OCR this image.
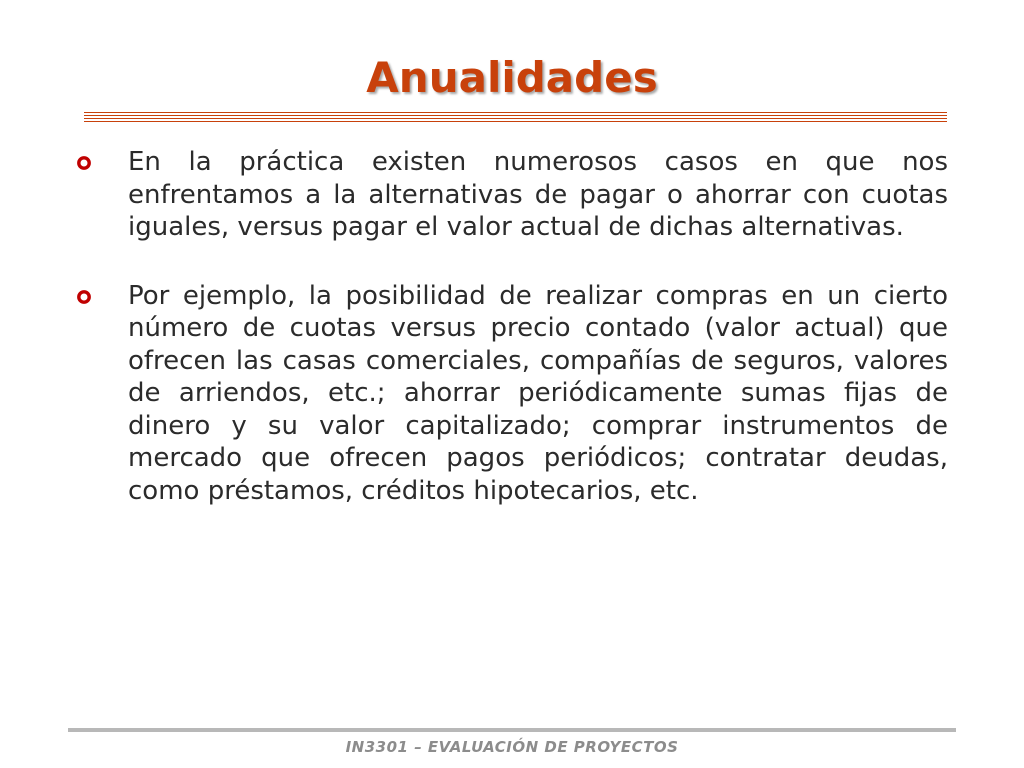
Anualidades

En la práctica existen numerosos casos en que nos enfrentamos a la alternativas de pagar o ahorrar con cuotas iguales, versus pagar el valor actual de dichas alternativas.

Por ejemplo, la posibilidad de realizar compras en un cierto número de cuotas versus precio contado (valor actual) que ofrecen las casas comerciales, compañías de seguros, valores de arriendos, etc.; ahorrar periódicamente sumas fijas de dinero y su valor capitalizado; comprar instrumentos de mercado que ofrecen pagos periódicos; contratar deudas, como préstamos, créditos hipotecarios, etc.

IN3301 – EVALUACIÓN DE PROYECTOS
